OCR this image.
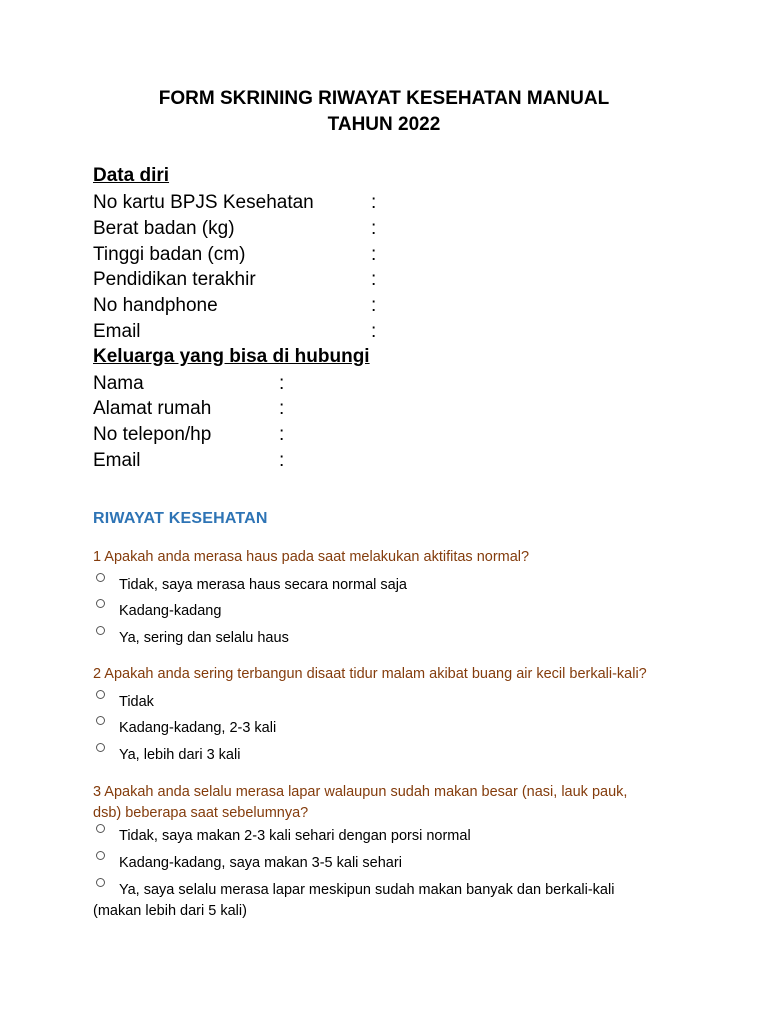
FORM SKRINING RIWAYAT KESEHATAN MANUAL

TAHUN 2022

Data diri

No kartu BPJS Kesehatan	:

Berat badan (kg)	:

Tinggi badan (cm)	:

Pendidikan terakhir	:

No handphone	:

Email	:

Keluarga yang bisa di hubungi

Nama	:

Alamat rumah	:

No telepon/hp	:

Email	:

RIWAYAT KESEHATAN

1 Apakah anda merasa haus pada saat melakukan aktifitas normal?

Tidak, saya merasa haus secara normal saja

Kadang-kadang

Ya, sering dan selalu haus

2 Apakah anda sering terbangun disaat tidur malam akibat buang air kecil berkali-kali?

Tidak

Kadang-kadang, 2-3 kali

Ya, lebih dari 3 kali

3 Apakah anda selalu merasa lapar walaupun sudah makan besar (nasi, lauk pauk,
dsb) beberapa saat sebelumnya?

Tidak, saya makan 2-3 kali sehari dengan porsi normal

Kadang-kadang, saya makan 3-5 kali sehari

Ya, saya selalu merasa lapar meskipun sudah makan banyak dan berkali-kali
(makan lebih dari 5 kali)
